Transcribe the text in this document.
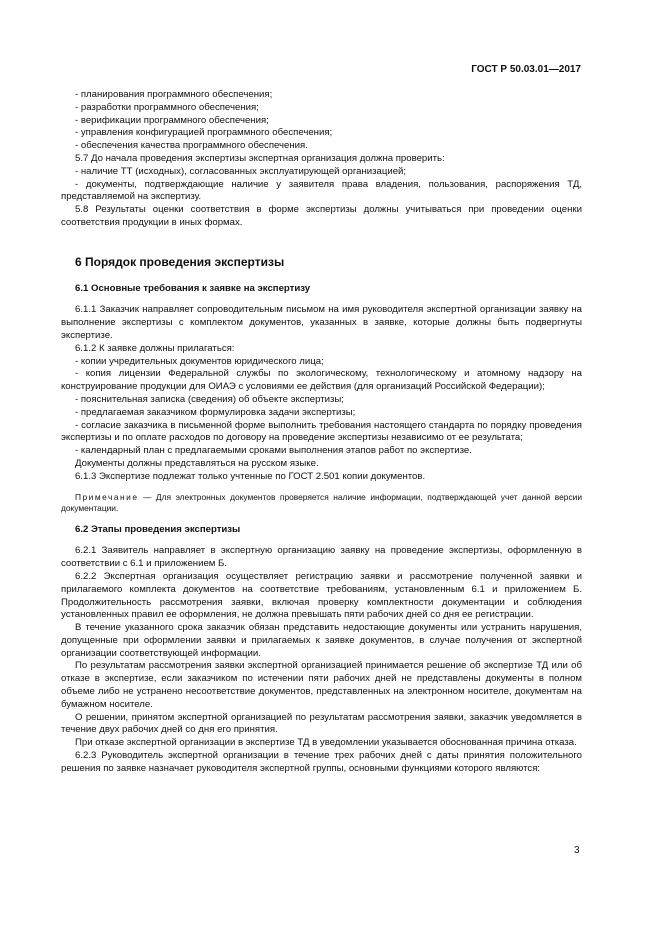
ГОСТ Р 50.03.01—2017
- планирования программного обеспечения;
- разработки программного обеспечения;
- верификации программного обеспечения;
- управления конфигурацией программного обеспечения;
- обеспечения качества программного обеспечения.
5.7 До начала проведения экспертизы экспертная организация должна проверить:
- наличие ТТ (исходных), согласованных эксплуатирующей организацией;
- документы, подтверждающие наличие у заявителя права владения, пользования, распоряжения ТД, представляемой на экспертизу.
5.8 Результаты оценки соответствия в форме экспертизы должны учитываться при проведении оценки соответствия продукции в иных формах.
6 Порядок проведения экспертизы
6.1 Основные требования к заявке на экспертизу
6.1.1 Заказчик направляет сопроводительным письмом на имя руководителя экспертной организации заявку на выполнение экспертизы с комплектом документов, указанных в заявке, которые должны быть подвергнуты экспертизе.
6.1.2 К заявке должны прилагаться:
- копии учредительных документов юридического лица;
- копия лицензии Федеральной службы по экологическому, технологическому и атомному надзору на конструирование продукции для ОИАЭ с условиями ее действия (для организаций Российской Федерации);
- пояснительная записка (сведения) об объекте экспертизы;
- предлагаемая заказчиком формулировка задачи экспертизы;
- согласие заказчика в письменной форме выполнить требования настоящего стандарта по порядку проведения экспертизы и по оплате расходов по договору на проведение экспертизы независимо от ее результата;
- календарный план с предлагаемыми сроками выполнения этапов работ по экспертизе.
Документы должны представляться на русском языке.
6.1.3 Экспертизе подлежат только учтенные по ГОСТ 2.501 копии документов.
Примечание — Для электронных документов проверяется наличие информации, подтверждающей учет данной версии документации.
6.2 Этапы проведения экспертизы
6.2.1 Заявитель направляет в экспертную организацию заявку на проведение экспертизы, оформленную в соответствии с 6.1 и приложением Б.
6.2.2 Экспертная организация осуществляет регистрацию заявки и рассмотрение полученной заявки и прилагаемого комплекта документов на соответствие требованиям, установленным 6.1 и приложением Б. Продолжительность рассмотрения заявки, включая проверку комплектности документации и соблюдения установленных правил ее оформления, не должна превышать пяти рабочих дней со дня ее регистрации.
В течение указанного срока заказчик обязан представить недостающие документы или устранить нарушения, допущенные при оформлении заявки и прилагаемых к заявке документов, в случае получения от экспертной организации соответствующей информации.
По результатам рассмотрения заявки экспертной организацией принимается решение об экспертизе ТД или об отказе в экспертизе, если заказчиком по истечении пяти рабочих дней не представлены документы в полном объеме либо не устранено несоответствие документов, представленных на электронном носителе, документам на бумажном носителе.
О решении, принятом экспертной организацией по результатам рассмотрения заявки, заказчик уведомляется в течение двух рабочих дней со дня его принятия.
При отказе экспертной организации в экспертизе ТД в уведомлении указывается обоснованная причина отказа.
6.2.3 Руководитель экспертной организации в течение трех рабочих дней с даты принятия положительного решения по заявке назначает руководителя экспертной группы, основными функциями которого являются:
3
